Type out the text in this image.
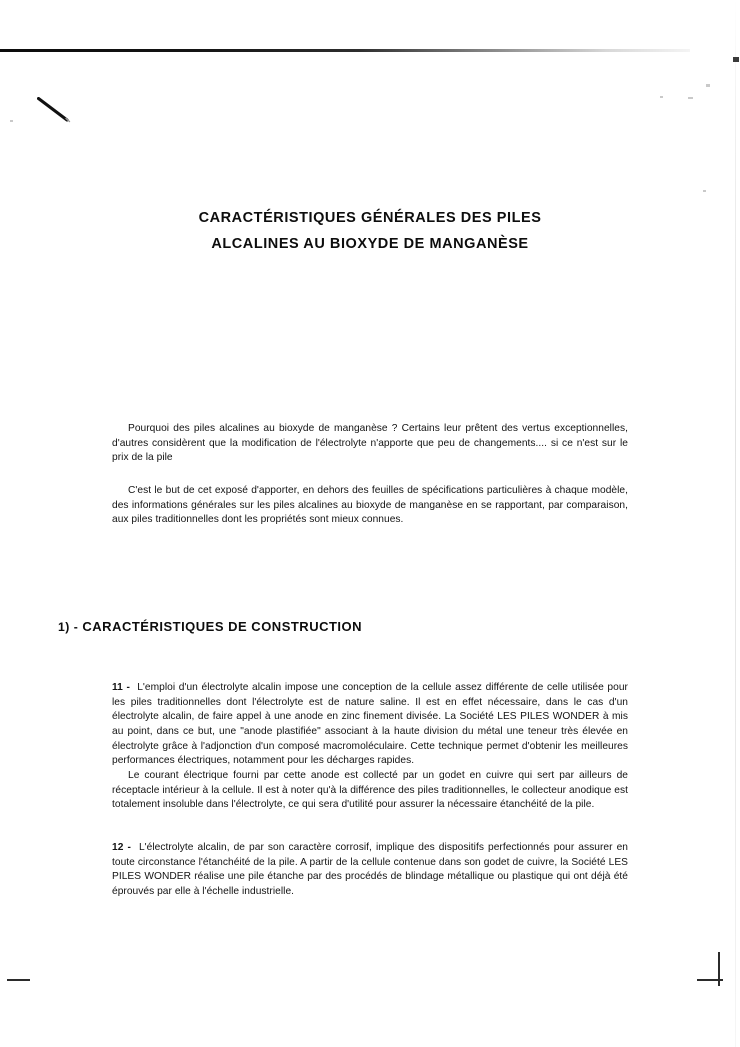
CARACTÉRISTIQUES GÉNÉRALES DES PILES
ALCALINES AU BIOXYDE DE MANGANÈSE

Pourquoi des piles alcalines au bioxyde de manganèse ? Certains leur prêtent des vertus exceptionnelles, d'autres considèrent que la modification de l'électrolyte n'apporte que peu de changements.... si ce n'est sur le prix de la pile

C'est le but de cet exposé d'apporter, en dehors des feuilles de spécifications particulières à chaque modèle, des informations générales sur les piles alcalines au bioxyde de manganèse en se rapportant, par comparaison, aux piles traditionnelles dont les propriétés sont mieux connues.

1) - CARACTÉRISTIQUES DE CONSTRUCTION

11 - L'emploi d'un électrolyte alcalin impose une conception de la cellule assez différente de celle utilisée pour les piles traditionnelles dont l'électrolyte est de nature saline. Il est en effet nécessaire, dans le cas d'un électrolyte alcalin, de faire appel à une anode en zinc finement divisée. La Société LES PILES WONDER à mis au point, dans ce but, une "anode plastifiée" associant à la haute division du métal une teneur très élevée en électrolyte grâce à l'adjonction d'un composé macromoléculaire. Cette technique permet d'obtenir les meilleures performances électriques, notamment pour les décharges rapides.

Le courant électrique fourni par cette anode est collecté par un godet en cuivre qui sert par ailleurs de réceptacle intérieur à la cellule. Il est à noter qu'à la différence des piles traditionnelles, le collecteur anodique est totalement insoluble dans l'électrolyte, ce qui sera d'utilité pour assurer la nécessaire étanchéité de la pile.

12 - L'électrolyte alcalin, de par son caractère corrosif, implique des dispositifs perfectionnés pour assurer en toute circonstance l'étanchéité de la pile. A partir de la cellule contenue dans son godet de cuivre, la Société LES PILES WONDER réalise une pile étanche par des procédés de blindage métallique ou plastique qui ont déjà été éprouvés par elle à l'échelle industrielle.
